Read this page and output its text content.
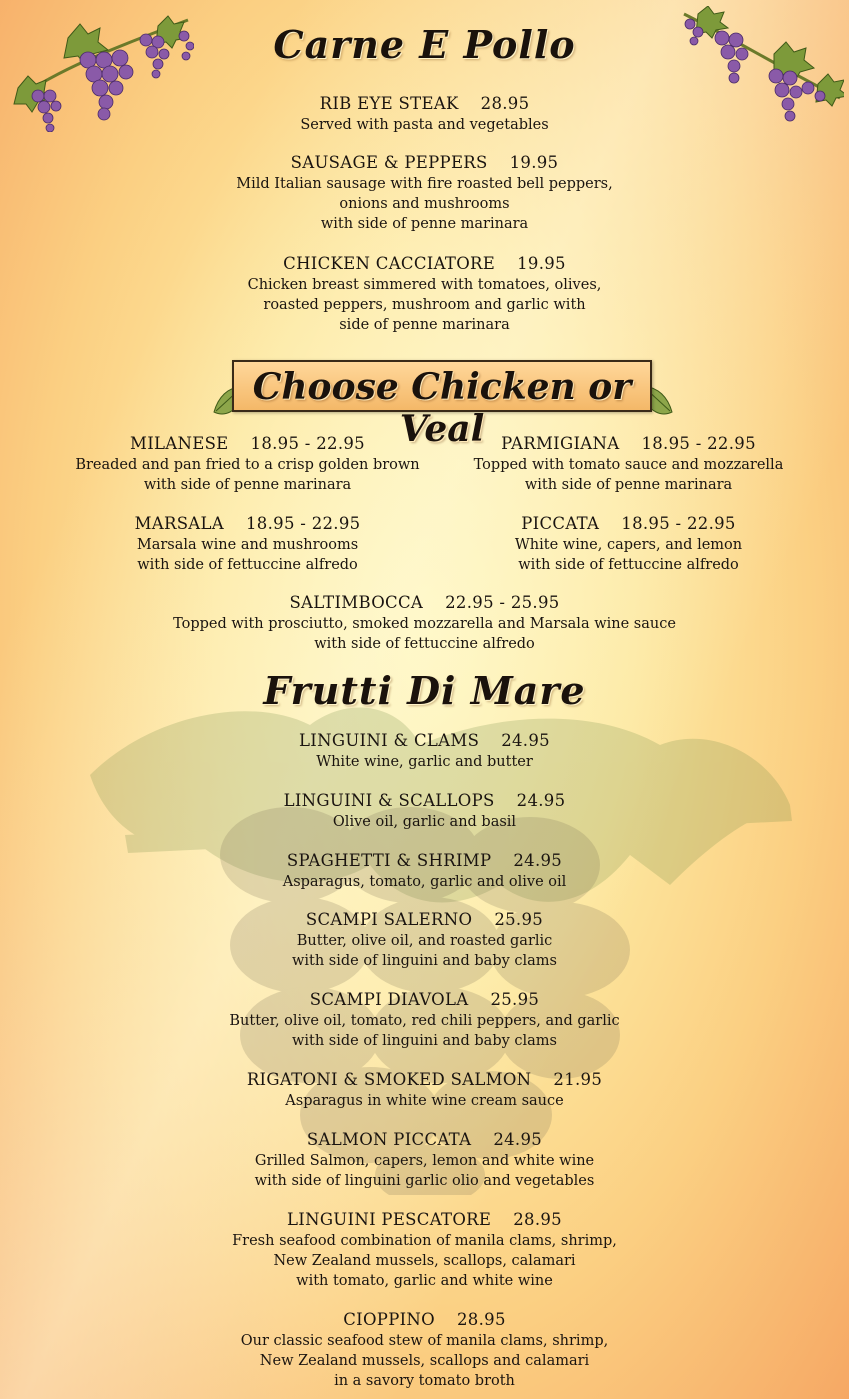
Carne E Pollo
RIB EYE STEAK 28.95
Served with pasta and vegetables
SAUSAGE & PEPPERS 19.95
Mild Italian sausage with fire roasted bell peppers,
onions and mushrooms
with side of penne marinara
CHICKEN CACCIATORE 19.95
Chicken breast simmered with tomatoes, olives,
roasted peppers, mushroom and garlic with
side of penne marinara
Choose Chicken or Veal
MILANESE 18.95 - 22.95
Breaded and pan fried to a crisp golden brown
with side of penne marinara
PARMIGIANA 18.95 - 22.95
Topped with tomato sauce and mozzarella
with side of penne marinara
MARSALA 18.95 - 22.95
Marsala wine and mushrooms
with side of fettuccine alfredo
PICCATA 18.95 - 22.95
White wine, capers, and lemon
with side of fettuccine alfredo
SALTIMBOCCA 22.95 - 25.95
Topped with prosciutto, smoked mozzarella and Marsala wine sauce
with side of fettuccine alfredo
Frutti Di Mare
LINGUINI & CLAMS 24.95
White wine, garlic and butter
LINGUINI & SCALLOPS 24.95
Olive oil, garlic and basil
SPAGHETTI & SHRIMP 24.95
Asparagus, tomato, garlic and olive oil
SCAMPI SALERNO 25.95
Butter, olive oil, and roasted garlic
with side of linguini and baby clams
SCAMPI DIAVOLA 25.95
Butter, olive oil, tomato, red chili peppers, and garlic
with side of linguini and baby clams
RIGATONI & SMOKED SALMON 21.95
Asparagus in white wine cream sauce
SALMON PICCATA 24.95
Grilled Salmon, capers, lemon and white wine
with side of linguini garlic olio and vegetables
LINGUINI PESCATORE 28.95
Fresh seafood combination of manila clams, shrimp,
New Zealand mussels, scallops, calamari
with tomato, garlic and white wine
CIOPPINO 28.95
Our classic seafood stew of manila clams, shrimp,
New Zealand mussels, scallops and calamari
in a savory tomato broth
